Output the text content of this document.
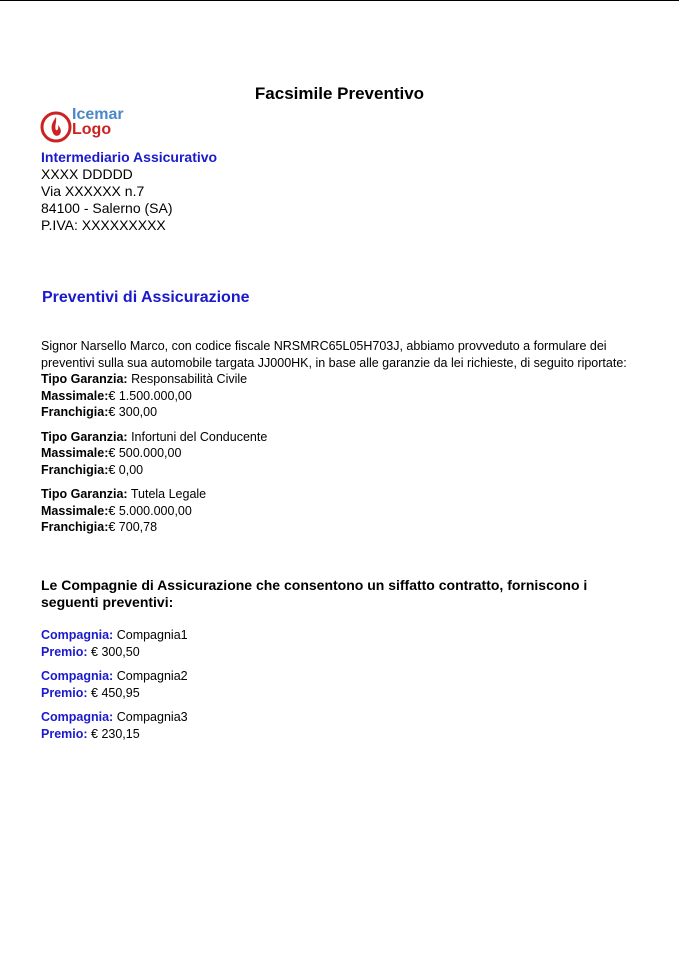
Facsimile Preventivo
Icemar
Logo
Intermediario Assicurativo
XXXX DDDDD
Via XXXXXX n.7
84100 - Salerno (SA)
P.IVA: XXXXXXXXX
Preventivi di Assicurazione

Signor Narsello Marco, con codice fiscale NRSMRC65L05H703J, abbiamo provveduto a formulare dei preventivi sulla sua automobile targata JJ000HK, in base alle garanzie da lei richieste, di seguito riportate:

Tipo Garanzia: Responsabilità Civile
Massimale:€ 1.500.000,00
Franchigia:€ 300,00
Tipo Garanzia: Infortuni del Conducente
Massimale:€ 500.000,00
Franchigia:€ 0,00
Tipo Garanzia: Tutela Legale
Massimale:€ 5.000.000,00
Franchigia:€ 700,78
Le Compagnie di Assicurazione che consentono un siffatto contratto, forniscono i seguenti preventivi:
Compagnia: Compagnia1
Premio: € 300,50
Compagnia: Compagnia2
Premio: € 450,95
Compagnia: Compagnia3
Premio: € 230,15
